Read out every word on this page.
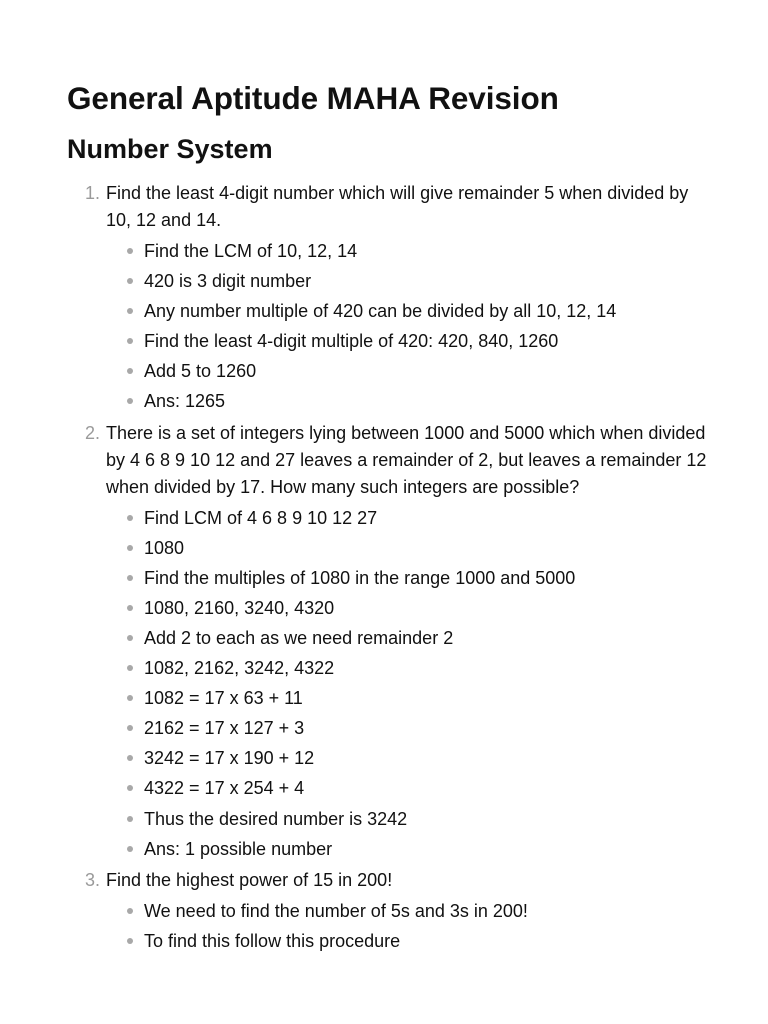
General Aptitude MAHA Revision
Number System
1. Find the least 4-digit number which will give remainder 5 when divided by 10, 12 and 14.
Find the LCM of 10, 12, 14
420 is 3 digit number
Any number multiple of 420 can be divided by all 10, 12, 14
Find the least 4-digit multiple of 420: 420, 840, 1260
Add 5 to 1260
Ans: 1265
2. There is a set of integers lying between 1000 and 5000 which when divided by 4 6 8 9 10 12 and 27 leaves a remainder of 2, but leaves a remainder 12 when divided by 17. How many such integers are possible?
Find LCM of 4 6 8 9 10 12 27
1080
Find the multiples of 1080 in the range 1000 and 5000
1080, 2160, 3240, 4320
Add 2 to each as we need remainder 2
1082, 2162, 3242, 4322
1082 = 17 x 63 + 11
2162 = 17 x 127 + 3
3242 = 17 x 190 + 12
4322 = 17 x 254 + 4
Thus the desired number is 3242
Ans: 1 possible number
3. Find the highest power of 15 in 200!
We need to find the number of 5s and 3s in 200!
To find this follow this procedure
